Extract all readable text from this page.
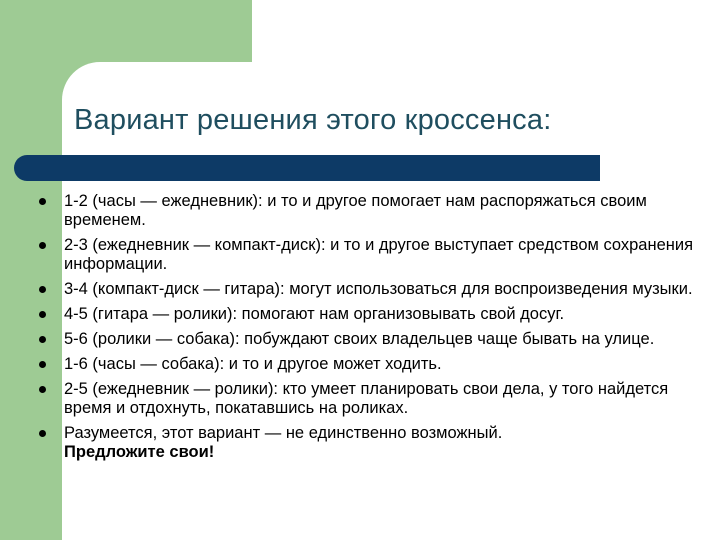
Вариант решения этого кроссенса:
1-2 (часы — ежедневник): и то и другое помогает нам распоряжаться своим временем.
2-3 (ежедневник — компакт-диск): и то и другое выступает средством сохранения информации.
3-4 (компакт-диск — гитара): могут использоваться для воспроизведения музыки.
4-5 (гитара — ролики): помогают нам организовывать свой досуг.
5-6 (ролики — собака): побуждают своих владельцев чаще бывать на улице.
1-6 (часы — собака): и то и другое может ходить.
2-5 (ежедневник — ролики): кто умеет планировать свои дела, у того найдется время и отдохнуть, покатавшись на роликах.
Разумеется, этот вариант — не единственно возможный.
Предложите свои!
